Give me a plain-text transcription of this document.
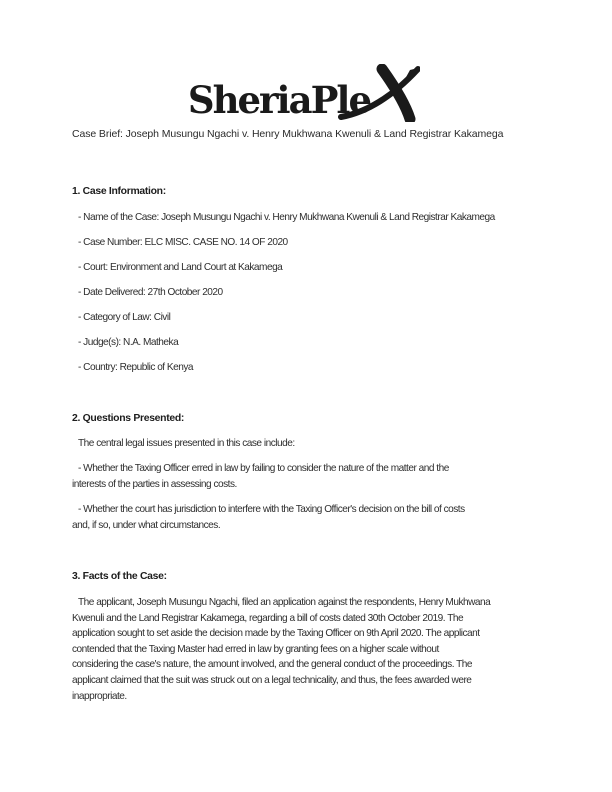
SheriaPle
Case Brief: Joseph Musungu Ngachi v. Henry Mukhwana Kwenuli & Land Registrar Kakamega
1. Case Information:
- Name of the Case: Joseph Musungu Ngachi v. Henry Mukhwana Kwenuli & Land Registrar Kakamega
- Case Number: ELC MISC. CASE NO. 14 OF 2020
- Court: Environment and Land Court at Kakamega
- Date Delivered: 27th October 2020
- Category of Law: Civil
- Judge(s): N.A. Matheka
- Country: Republic of Kenya
2. Questions Presented:
The central legal issues presented in this case include:
- Whether the Taxing Officer erred in law by failing to consider the nature of the matter and the
interests of the parties in assessing costs.
- Whether the court has jurisdiction to interfere with the Taxing Officer's decision on the bill of costs
and, if so, under what circumstances.
3. Facts of the Case:
The applicant, Joseph Musungu Ngachi, filed an application against the respondents, Henry Mukhwana
Kwenuli and the Land Registrar Kakamega, regarding a bill of costs dated 30th October 2019. The
application sought to set aside the decision made by the Taxing Officer on 9th April 2020. The applicant
contended that the Taxing Master had erred in law by granting fees on a higher scale without
considering the case's nature, the amount involved, and the general conduct of the proceedings. The
applicant claimed that the suit was struck out on a legal technicality, and thus, the fees awarded were
inappropriate.
